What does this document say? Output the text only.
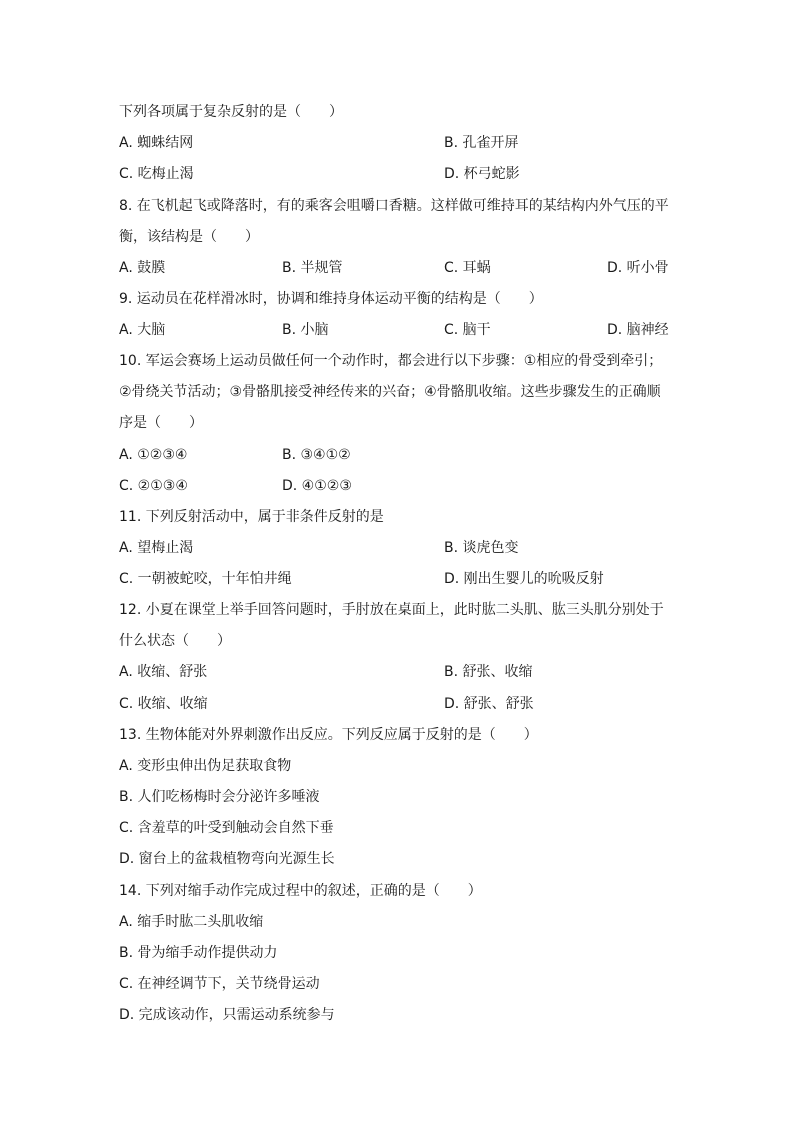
下列各项属于复杂反射的是（　　）
A. 蜘蛛结网	B. 孔雀开屏
C. 吃梅止渴	D. 杯弓蛇影
8. 在飞机起飞或降落时，有的乘客会咀嚼口香糖。这样做可维持耳的某结构内外气压的平
衡，该结构是（　　）
A. 鼓膜	B. 半规管	C. 耳蜗	D. 听小骨
9. 运动员在花样滑冰时，协调和维持身体运动平衡的结构是（　　）
A. 大脑	B. 小脑	C. 脑干	D. 脑神经
10. 军运会赛场上运动员做任何一个动作时，都会进行以下步骤：①相应的骨受到牵引；
②骨绕关节活动；③骨骼肌接受神经传来的兴奋；④骨骼肌收缩。这些步骤发生的正确顺
序是（　　）
A. ①②③④	B. ③④①②
C. ②①③④	D. ④①②③
11. 下列反射活动中，属于非条件反射的是
A. 望梅止渴	B. 谈虎色变
C. 一朝被蛇咬，十年怕井绳	D. 刚出生婴儿的吮吸反射
12. 小夏在课堂上举手回答问题时，手肘放在桌面上，此时肱二头肌、肱三头肌分别处于
什么状态（　　）
A. 收缩、舒张	B. 舒张、收缩
C. 收缩、收缩	D. 舒张、舒张
13. 生物体能对外界刺激作出反应。下列反应属于反射的是（　　）
A. 变形虫伸出伪足获取食物
B. 人们吃杨梅时会分泌许多唾液
C. 含羞草的叶受到触动会自然下垂
D. 窗台上的盆栽植物弯向光源生长
14. 下列对缩手动作完成过程中的叙述，正确的是（　　）
A. 缩手时肱二头肌收缩
B. 骨为缩手动作提供动力
C. 在神经调节下，关节绕骨运动
D. 完成该动作，只需运动系统参与
